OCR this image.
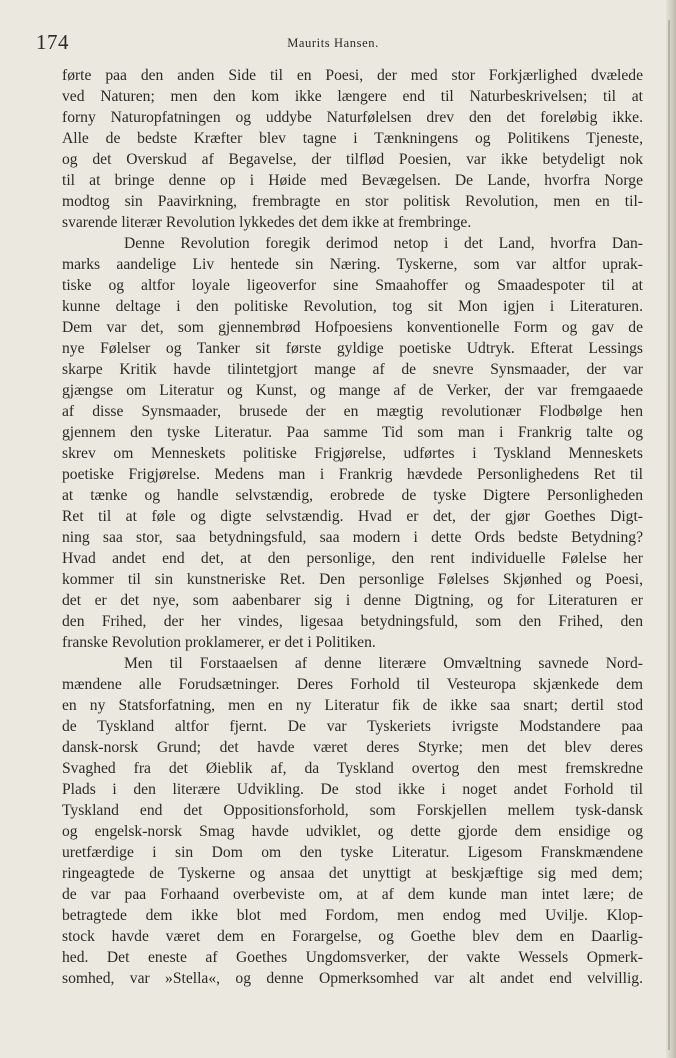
174	Maurits Hansen.
førte paa den anden Side til en Poesi, der med stor Forkjærlighed dvælede
ved Naturen; men den kom ikke længere end til Naturbeskrivelsen; til at
forny Naturopfatningen og uddybe Naturfølelsen drev den det foreløbig ikke.
Alle de bedste Kræfter blev tagne i Tænkningens og Politikens Tjeneste,
og det Overskud af Begavelse, der tilflød Poesien, var ikke betydeligt nok
til at bringe denne op i Høide med Bevægelsen. De Lande, hvorfra Norge
modtog sin Paavirkning, frembragte en stor politisk Revolution, men en til-
svarende literær Revolution lykkedes det dem ikke at frembringe.
Denne Revolution foregik derimod netop i det Land, hvorfra Dan-
marks aandelige Liv hentede sin Næring. Tyskerne, som var altfor uprak-
tiske og altfor loyale ligeoverfor sine Smaahoffer og Smaadespoter til at
kunne deltage i den politiske Revolution, tog sit Mon igjen i Literaturen.
Dem var det, som gjennembrød Hofpoesiens konventionelle Form og gav de
nye Følelser og Tanker sit første gyldige poetiske Udtryk. Efterat Lessings
skarpe Kritik havde tilintetgjort mange af de snevre Synsmaader, der var
gjængse om Literatur og Kunst, og mange af de Verker, der var fremgaaede
af disse Synsmaader, brusede der en mægtig revolutionær Flodbølge hen
gjennem den tyske Literatur. Paa samme Tid som man i Frankrig talte og
skrev om Menneskets politiske Frigjørelse, udførtes i Tyskland Menneskets
poetiske Frigjørelse. Medens man i Frankrig hævdede Personlighedens Ret til
at tænke og handle selvstændig, erobrede de tyske Digtere Personligheden
Ret til at føle og digte selvstændig. Hvad er det, der gjør Goethes Digt-
ning saa stor, saa betydningsfuld, saa modern i dette Ords bedste Betydning?
Hvad andet end det, at den personlige, den rent individuelle Følelse her
kommer til sin kunstneriske Ret. Den personlige Følelses Skjønhed og Poesi,
det er det nye, som aabenbarer sig i denne Digtning, og for Literaturen er
den Frihed, der her vindes, ligesaa betydningsfuld, som den Frihed, den
franske Revolution proklamerer, er det i Politiken.
Men til Forstaaelsen af denne literære Omvæltning savnede Nord-
mændene alle Forudsætninger. Deres Forhold til Vesteuropa skjænkede dem
en ny Statsforfatning, men en ny Literatur fik de ikke saa snart; dertil stod
de Tyskland altfor fjernt. De var Tyskeriets ivrigste Modstandere paa
dansk-norsk Grund; det havde været deres Styrke; men det blev deres
Svaghed fra det Øieblik af, da Tyskland overtog den mest fremskredne
Plads i den literære Udvikling. De stod ikke i noget andet Forhold til
Tyskland end det Oppositionsforhold, som Forskjellen mellem tysk-dansk
og engelsk-norsk Smag havde udviklet, og dette gjorde dem ensidige og
uretfærdige i sin Dom om den tyske Literatur. Ligesom Franskmændene
ringeagtede de Tyskerne og ansaa det unyttigt at beskjæftige sig med dem;
de var paa Forhaand overbeviste om, at af dem kunde man intet lære; de
betragtede dem ikke blot med Fordom, men endog med Uvilje. Klop-
stock havde været dem en Forargelse, og Goethe blev dem en Daarlig-
hed. Det eneste af Goethes Ungdomsverker, der vakte Wessels Opmerk-
somhed, var »Stella«, og denne Opmerksomhed var alt andet end velvillig.
